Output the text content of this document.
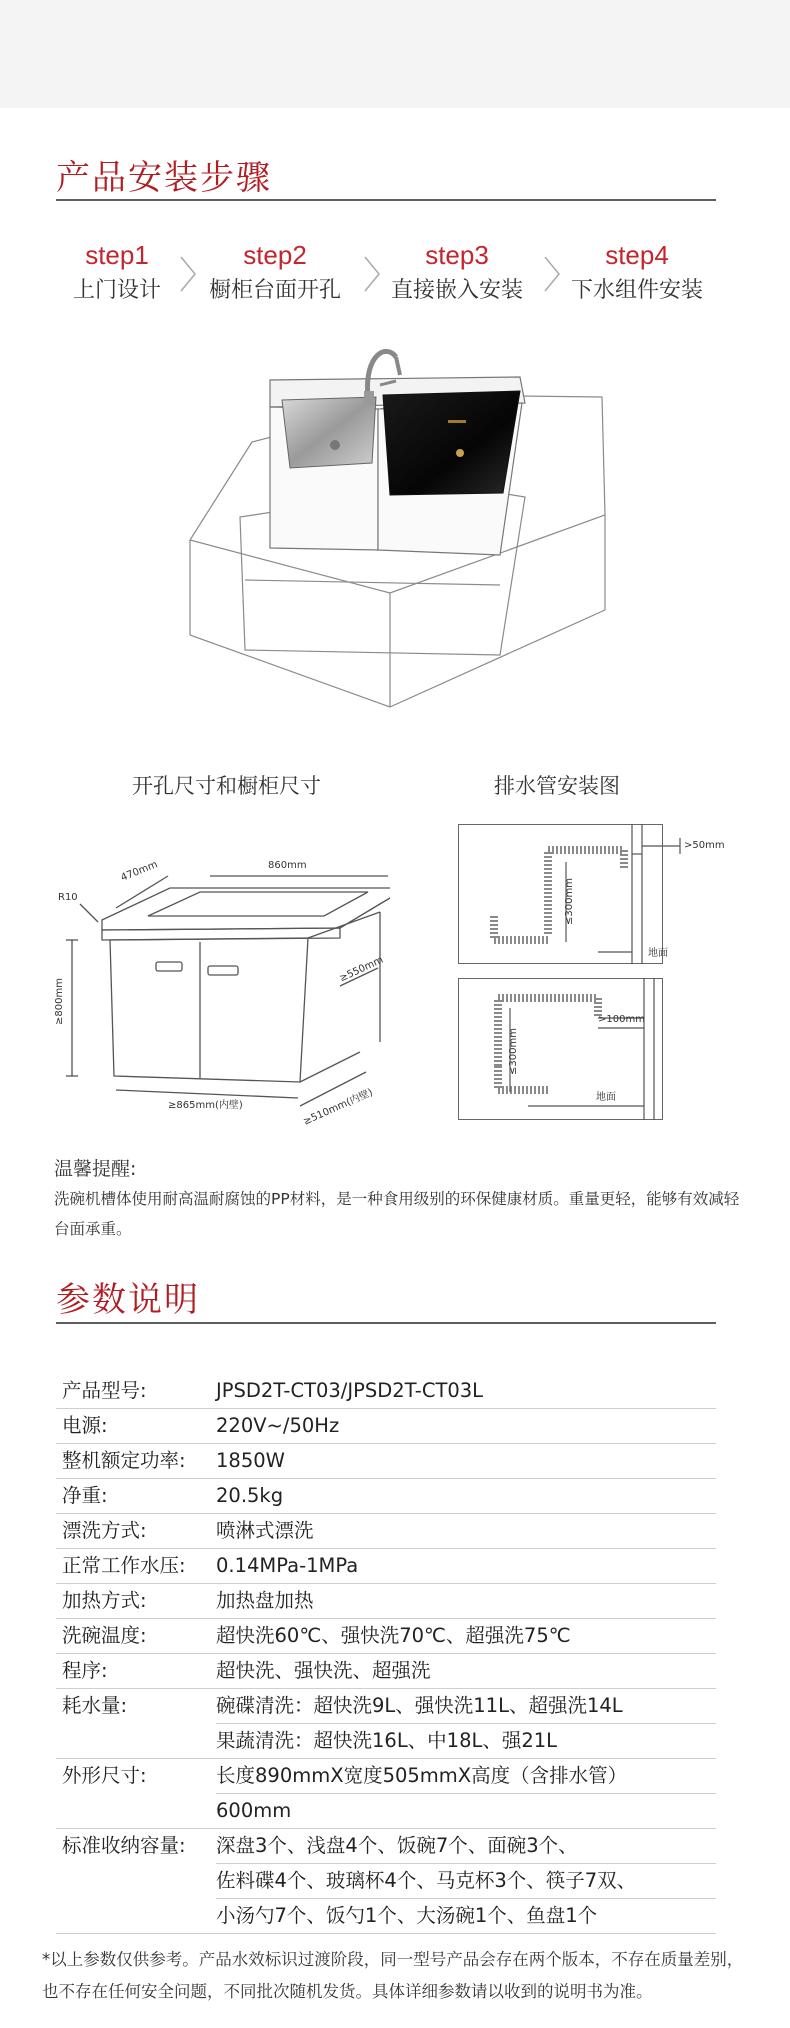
产品安装步骤
step1
上门设计
step2
橱柜台面开孔
step3
直接嵌入安装
step4
下水组件安装
开孔尺寸和橱柜尺寸	排水管安装图
470mm	860mm
R10
≥800mm
≥550mm
≥865mm(内壁)	≥510mm(内壁)
>50mm
≤300mm
地面
>100mm
≤300mm
地面
温馨提醒:
洗碗机槽体使用耐高温耐腐蚀的PP材料，是一种食用级别的环保健康材质。重量更轻，能够有效减轻台面承重。
参数说明
产品型号:	JPSD2T-CT03/JPSD2T-CT03L
电源:	220V~/50Hz
整机额定功率:	1850W
净重:	20.5kg
漂洗方式:	喷淋式漂洗
正常工作水压:	0.14MPa-1MPa
加热方式:	加热盘加热
洗碗温度:	超快洗60℃、强快洗70℃、超强洗75℃
程序:	超快洗、强快洗、超强洗
耗水量:	碗碟清洗：超快洗9L、强快洗11L、超强洗14L
果蔬清洗：超快洗16L、中18L、强21L
外形尺寸:	长度890mmX宽度505mmX高度（含排水管）
600mm
标准收纳容量:	深盘3个、浅盘4个、饭碗7个、面碗3个、
佐料碟4个、玻璃杯4个、马克杯3个、筷子7双、
小汤勺7个、饭勺1个、大汤碗1个、鱼盘1个
*以上参数仅供参考。产品水效标识过渡阶段，同一型号产品会存在两个版本，不存在质量差别，也不存在任何安全问题，不同批次随机发货。具体详细参数请以收到的说明书为准。
